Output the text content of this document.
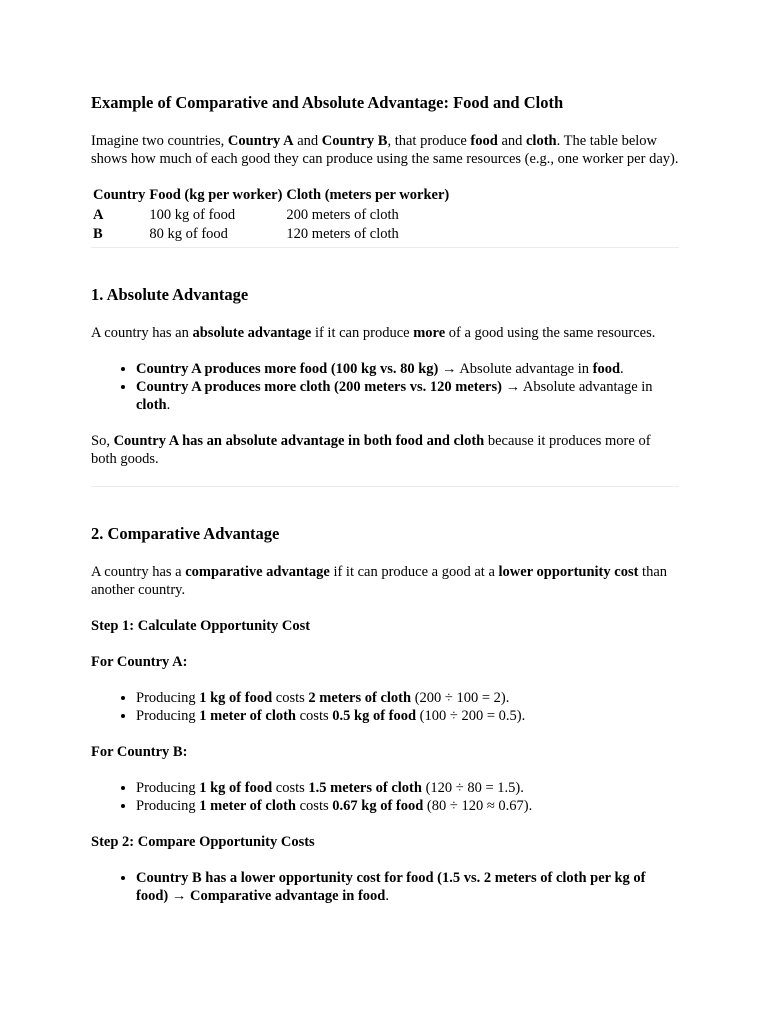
Example of Comparative and Absolute Advantage: Food and Cloth

Imagine two countries, Country A and Country B, that produce food and cloth. The table below shows how much of each good they can produce using the same resources (e.g., one worker per day).

Country	Food (kg per worker)	Cloth (meters per worker)
A	100 kg of food	200 meters of cloth
B	80 kg of food	120 meters of cloth
1. Absolute Advantage

A country has an absolute advantage if it can produce more of a good using the same resources.

• Country A produces more food (100 kg vs. 80 kg) → Absolute advantage in food.
• Country A produces more cloth (200 meters vs. 120 meters) → Absolute advantage in cloth.

So, Country A has an absolute advantage in both food and cloth because it produces more of both goods.

2. Comparative Advantage

A country has a comparative advantage if it can produce a good at a lower opportunity cost than another country.

Step 1: Calculate Opportunity Cost

For Country A:

• Producing 1 kg of food costs 2 meters of cloth (200 ÷ 100 = 2).
• Producing 1 meter of cloth costs 0.5 kg of food (100 ÷ 200 = 0.5).

For Country B:

• Producing 1 kg of food costs 1.5 meters of cloth (120 ÷ 80 = 1.5).
• Producing 1 meter of cloth costs 0.67 kg of food (80 ÷ 120 ≈ 0.67).

Step 2: Compare Opportunity Costs

• Country B has a lower opportunity cost for food (1.5 vs. 2 meters of cloth per kg of food) → Comparative advantage in food.
